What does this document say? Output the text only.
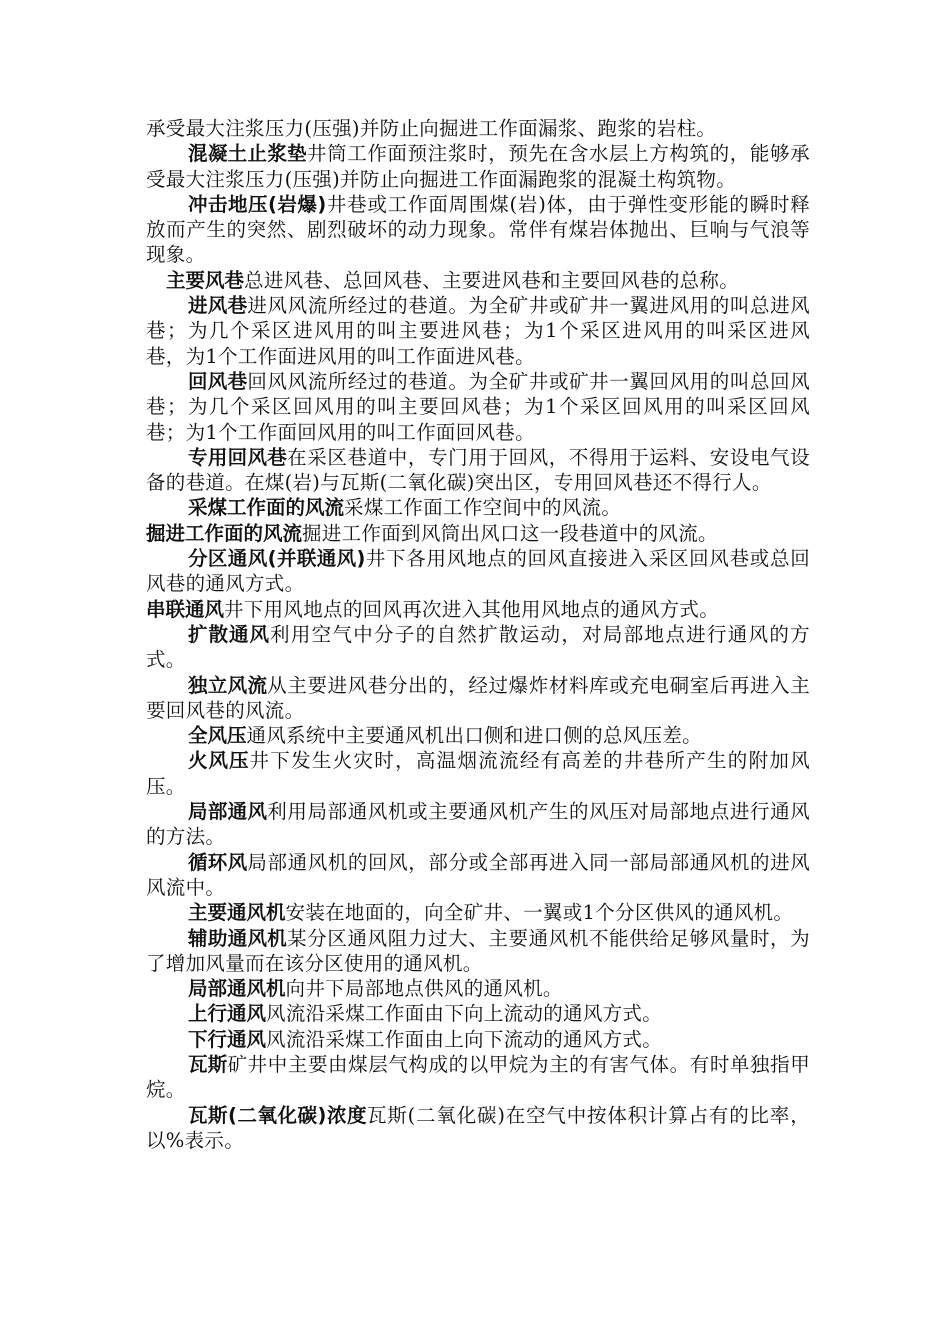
承受最大注浆压力(压强)并防止向掘进工作面漏浆、跑浆的岩柱。

混凝土止浆垫井筒工作面预注浆时，预先在含水层上方构筑的，能够承受最大注浆压力(压强)并防止向掘进工作面漏跑浆的混凝土构筑物。

冲击地压(岩爆)井巷或工作面周围煤(岩)体，由于弹性变形能的瞬时释放而产生的突然、剧烈破坏的动力现象。常伴有煤岩体抛出、巨响与气浪等现象。

主要风巷总进风巷、总回风巷、主要进风巷和主要回风巷的总称。

进风巷进风风流所经过的巷道。为全矿井或矿井一翼进风用的叫总进风巷；为几个采区进风用的叫主要进风巷；为1个采区进风用的叫采区进风巷，为1个工作面进风用的叫工作面进风巷。

回风巷回风风流所经过的巷道。为全矿井或矿井一翼回风用的叫总回风巷；为几个采区回风用的叫主要回风巷；为1个采区回风用的叫采区回风巷；为1个工作面回风用的叫工作面回风巷。

专用回风巷在采区巷道中，专门用于回风，不得用于运料、安设电气设备的巷道。在煤(岩)与瓦斯(二氧化碳)突出区，专用回风巷还不得行人。

采煤工作面的风流采煤工作面工作空间中的风流。

掘进工作面的风流掘进工作面到风筒出风口这一段巷道中的风流。

分区通风(并联通风)井下各用风地点的回风直接进入采区回风巷或总回风巷的通风方式。

串联通风井下用风地点的回风再次进入其他用风地点的通风方式。

扩散通风利用空气中分子的自然扩散运动，对局部地点进行通风的方式。

独立风流从主要进风巷分出的，经过爆炸材料库或充电硐室后再进入主要回风巷的风流。

全风压通风系统中主要通风机出口侧和进口侧的总风压差。

火风压井下发生火灾时，高温烟流流经有高差的井巷所产生的附加风压。

局部通风利用局部通风机或主要通风机产生的风压对局部地点进行通风的方法。

循环风局部通风机的回风，部分或全部再进入同一部局部通风机的进风风流中。

主要通风机安装在地面的，向全矿井、一翼或1个分区供风的通风机。

辅助通风机某分区通风阻力过大、主要通风机不能供给足够风量时，为了增加风量而在该分区使用的通风机。

局部通风机向井下局部地点供风的通风机。

上行通风风流沿采煤工作面由下向上流动的通风方式。

下行通风风流沿采煤工作面由上向下流动的通风方式。

瓦斯矿井中主要由煤层气构成的以甲烷为主的有害气体。有时单独指甲烷。

瓦斯(二氧化碳)浓度瓦斯(二氧化碳)在空气中按体积计算占有的比率，以%表示。
